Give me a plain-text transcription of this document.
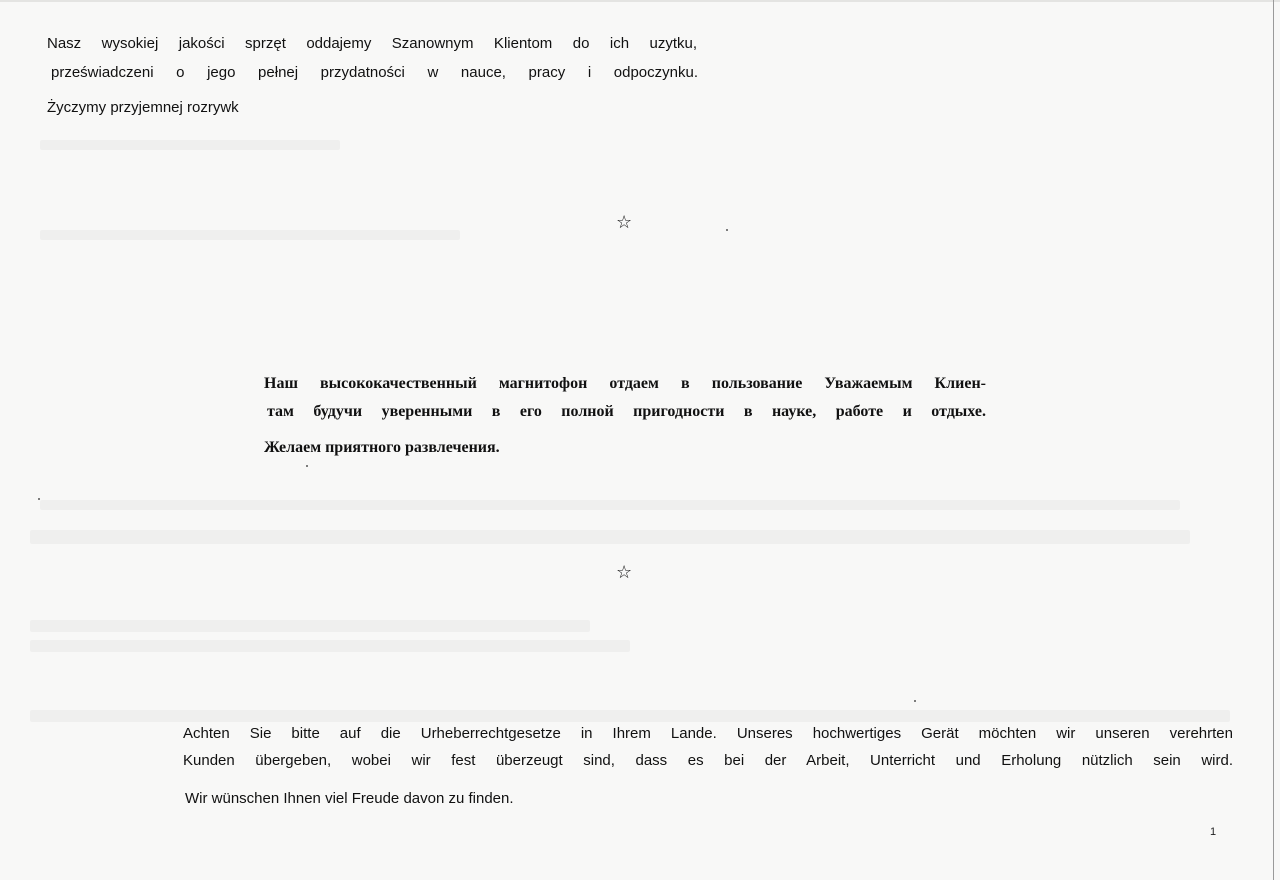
Nasz wysokiej jakości sprzęt oddajemy Szanownym Klientom do ich uzytku,
przeświadczeni o jego pełnej przydatności w nauce, pracy i odpoczynku.
Życzymy przyjemnej rozrywk
☆
Наш высококачественный магнитофон отдаем в пользование Уважаемым Клиен-
там будучи уверенными в его полной пригодности в науке, работе и отдыхе.
Желаем приятного развлечения.
☆
Achten Sie bitte auf die Urheberrechtgesetze in Ihrem Lande. Unseres hochwertiges Gerät möchten wir unseren verehrten
Kunden übergeben, wobei wir fest überzeugt sind, dass es bei der Arbeit, Unterricht und Erholung nützlich sein wird.
Wir wünschen Ihnen viel Freude davon zu finden.
1
